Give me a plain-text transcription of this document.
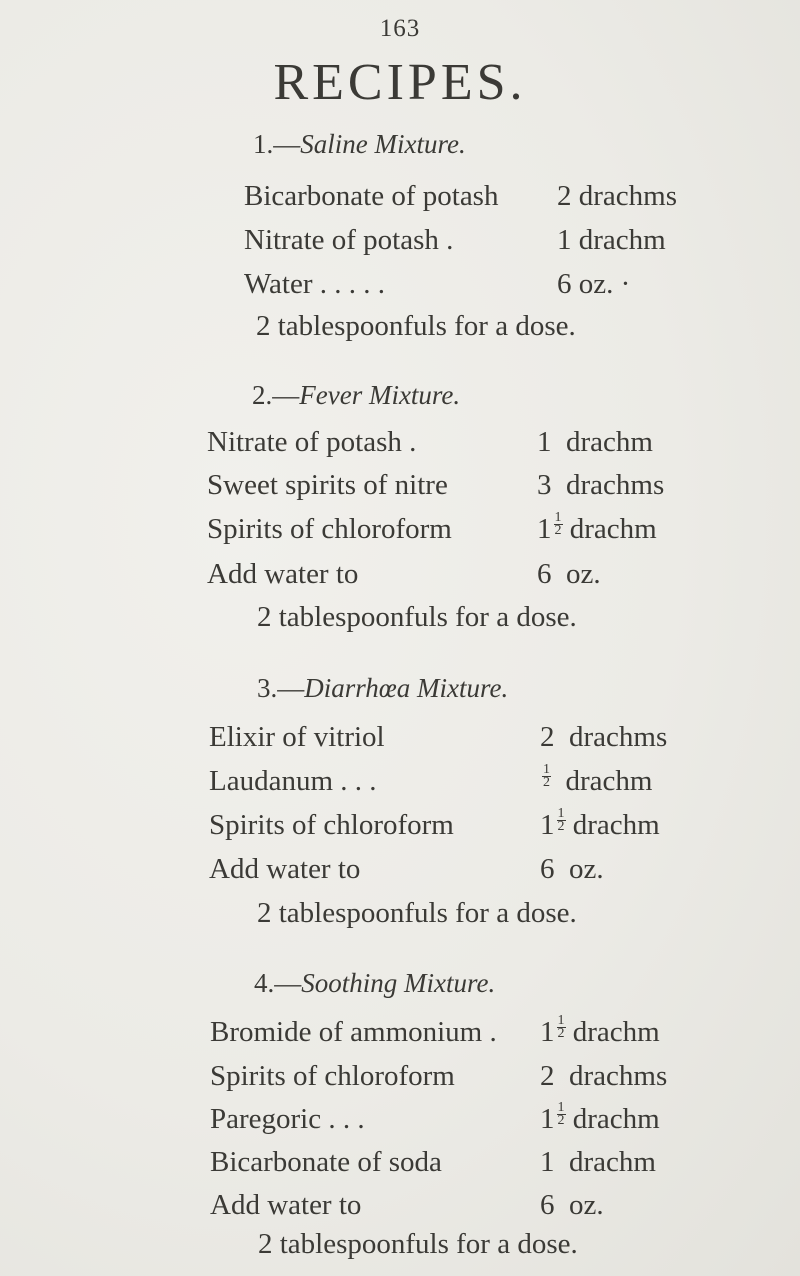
163
RECIPES.
1.—Saline Mixture.
Bicarbonate of potash 2 drachms
Nitrate of potash .	1 drachm
Water . . . . .	6 oz. ·
2 tablespoonfuls for a dose.
2.—Fever Mixture.
Nitrate of potash .	1 drachm
Sweet spirits of nitre	3 drachms
Spirits of chloroform	$1 \frac{1}{2}$ drachm
Add water to	6 oz.
2 tablespoonfuls for a dose.
3.—Diarrhœa Mixture.
Elixir of vitriol	2 drachms
Laudanum . . .	$\frac{1}{2}$ drachm
Spirits of chloroform	$1 \frac{1}{2}$ drachm
Add water to	6 oz.
2 tablespoonfuls for a dose.
4.—Soothing Mixture.
Bromide of ammonium . $1 \frac{1}{2}$ drachm
Spirits of chloroform	2 drachms
Paregoric . . .	$1 \frac{1}{2}$ drachm
Bicarbonate of soda	1 drachm
Add water to	6 oz.
2 tablespoonfuls for a dose.
